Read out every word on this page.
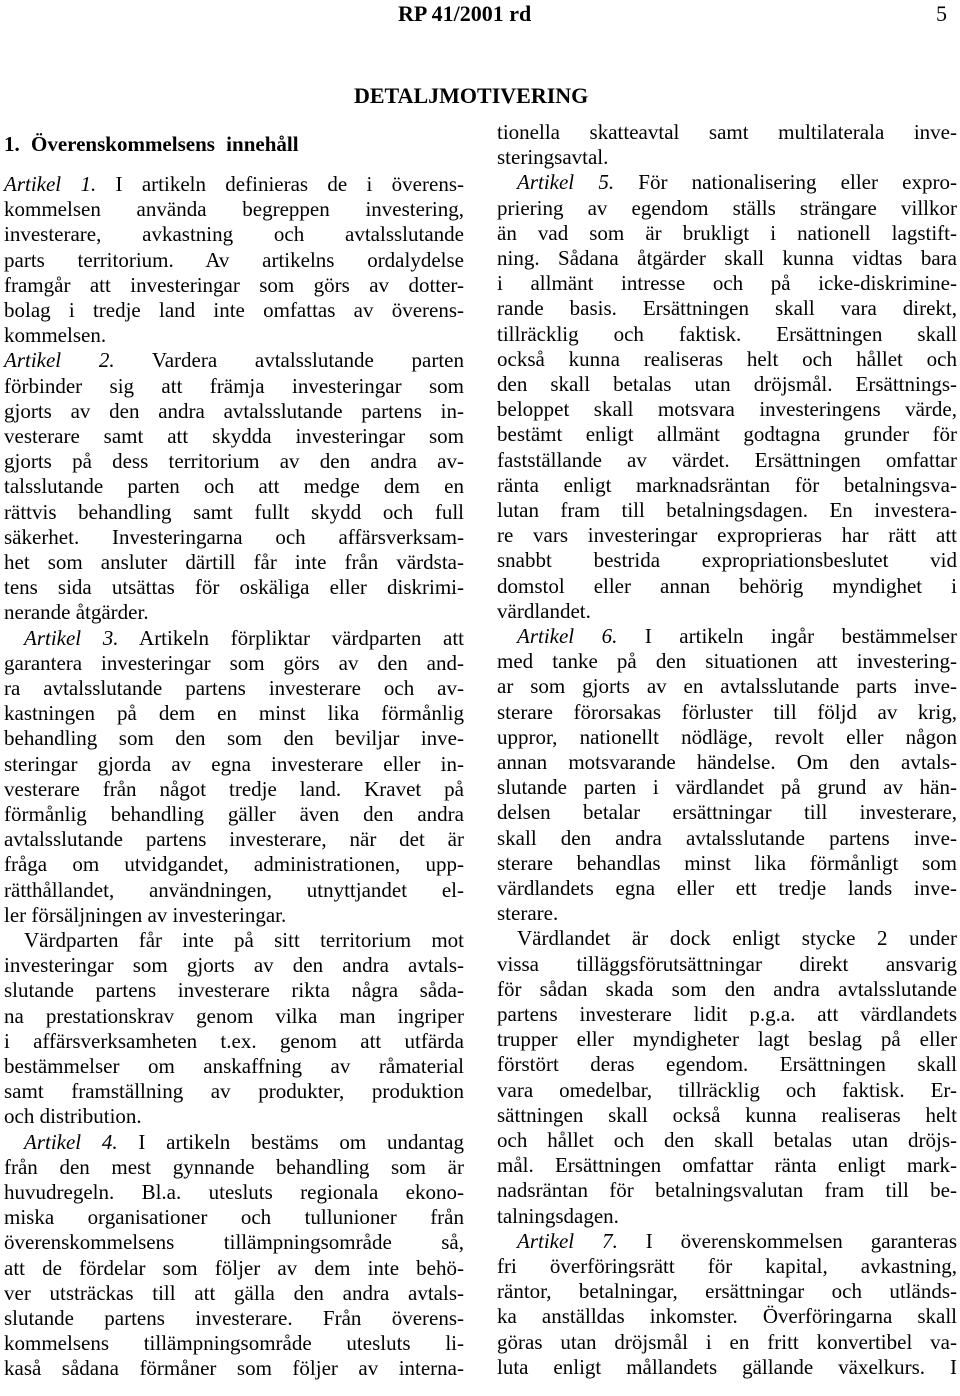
RP 41/2001 rd	5
DETALJMOTIVERING
1. Överenskommelsens innehåll
Artikel 1. I artikeln definieras de i överens-
kommelsen använda begreppen investering,
investerare, avkastning och avtalsslutande
parts territorium. Av artikelns ordalydelse
framgår att investeringar som görs av dotter-
bolag i tredje land inte omfattas av överens-
kommelsen.
Artikel 2. Vardera avtalsslutande parten
förbinder sig att främja investeringar som
gjorts av den andra avtalsslutande partens in-
vesterare samt att skydda investeringar som
gjorts på dess territorium av den andra av-
talsslutande parten och att medge dem en
rättvis behandling samt fullt skydd och full
säkerhet. Investeringarna och affärsverksam-
het som ansluter därtill får inte från värdsta-
tens sida utsättas för oskäliga eller diskrimi-
nerande åtgärder.
Artikel 3. Artikeln förpliktar värdparten att
garantera investeringar som görs av den and-
ra avtalsslutande partens investerare och av-
kastningen på dem en minst lika förmånlig
behandling som den som den beviljar inve-
steringar gjorda av egna investerare eller in-
vesterare från något tredje land. Kravet på
förmånlig behandling gäller även den andra
avtalsslutande partens investerare, när det är
fråga om utvidgandet, administrationen, upp-
rätthållandet, användningen, utnyttjandet el-
ler försäljningen av investeringar.
Värdparten får inte på sitt territorium mot
investeringar som gjorts av den andra avtals-
slutande partens investerare rikta några såda-
na prestationskrav genom vilka man ingriper
i affärsverksamheten t.ex. genom att utfärda
bestämmelser om anskaffning av råmaterial
samt framställning av produkter, produktion
och distribution.
Artikel 4. I artikeln bestäms om undantag
från den mest gynnande behandling som är
huvudregeln. Bl.a. utesluts regionala ekono-
miska organisationer och tullunioner från
överenskommelsens tillämpningsområde så,
att de fördelar som följer av dem inte behö-
ver utsträckas till att gälla den andra avtals-
slutande partens investerare. Från överens-
kommelsens tillämpningsområde utesluts li-
kaså sådana förmåner som följer av interna-
tionella skatteavtal samt multilaterala inve-
steringsavtal.
Artikel 5. För nationalisering eller expro-
priering av egendom ställs strängare villkor
än vad som är brukligt i nationell lagstift-
ning. Sådana åtgärder skall kunna vidtas bara
i allmänt intresse och på icke-diskrimine-
rande basis. Ersättningen skall vara direkt,
tillräcklig och faktisk. Ersättningen skall
också kunna realiseras helt och hållet och
den skall betalas utan dröjsmål. Ersättnings-
beloppet skall motsvara investeringens värde,
bestämt enligt allmänt godtagna grunder för
fastställande av värdet. Ersättningen omfattar
ränta enligt marknadsräntan för betalningsva-
lutan fram till betalningsdagen. En investera-
re vars investeringar exproprieras har rätt att
snabbt bestrida expropriationsbeslutet vid
domstol eller annan behörig myndighet i
värdlandet.
Artikel 6. I artikeln ingår bestämmelser
med tanke på den situationen att investering-
ar som gjorts av en avtalsslutande parts inve-
sterare förorsakas förluster till följd av krig,
uppror, nationellt nödläge, revolt eller någon
annan motsvarande händelse. Om den avtals-
slutande parten i värdlandet på grund av hän-
delsen betalar ersättningar till investerare,
skall den andra avtalsslutande partens inve-
sterare behandlas minst lika förmånligt som
värdlandets egna eller ett tredje lands inve-
sterare.
Värdlandet är dock enligt stycke 2 under
vissa tilläggsförutsättningar direkt ansvarig
för sådan skada som den andra avtalsslutande
partens investerare lidit p.g.a. att värdlandets
trupper eller myndigheter lagt beslag på eller
förstört deras egendom. Ersättningen skall
vara omedelbar, tillräcklig och faktisk. Er-
sättningen skall också kunna realiseras helt
och hållet och den skall betalas utan dröjs-
mål. Ersättningen omfattar ränta enligt mark-
nadsräntan för betalningsvalutan fram till be-
talningsdagen.
Artikel 7. I överenskommelsen garanteras
fri överföringsrätt för kapital, avkastning,
räntor, betalningar, ersättningar och utländs-
ka anställdas inkomster. Överföringarna skall
göras utan dröjsmål i en fritt konvertibel va-
luta enligt mållandets gällande växelkurs. I
